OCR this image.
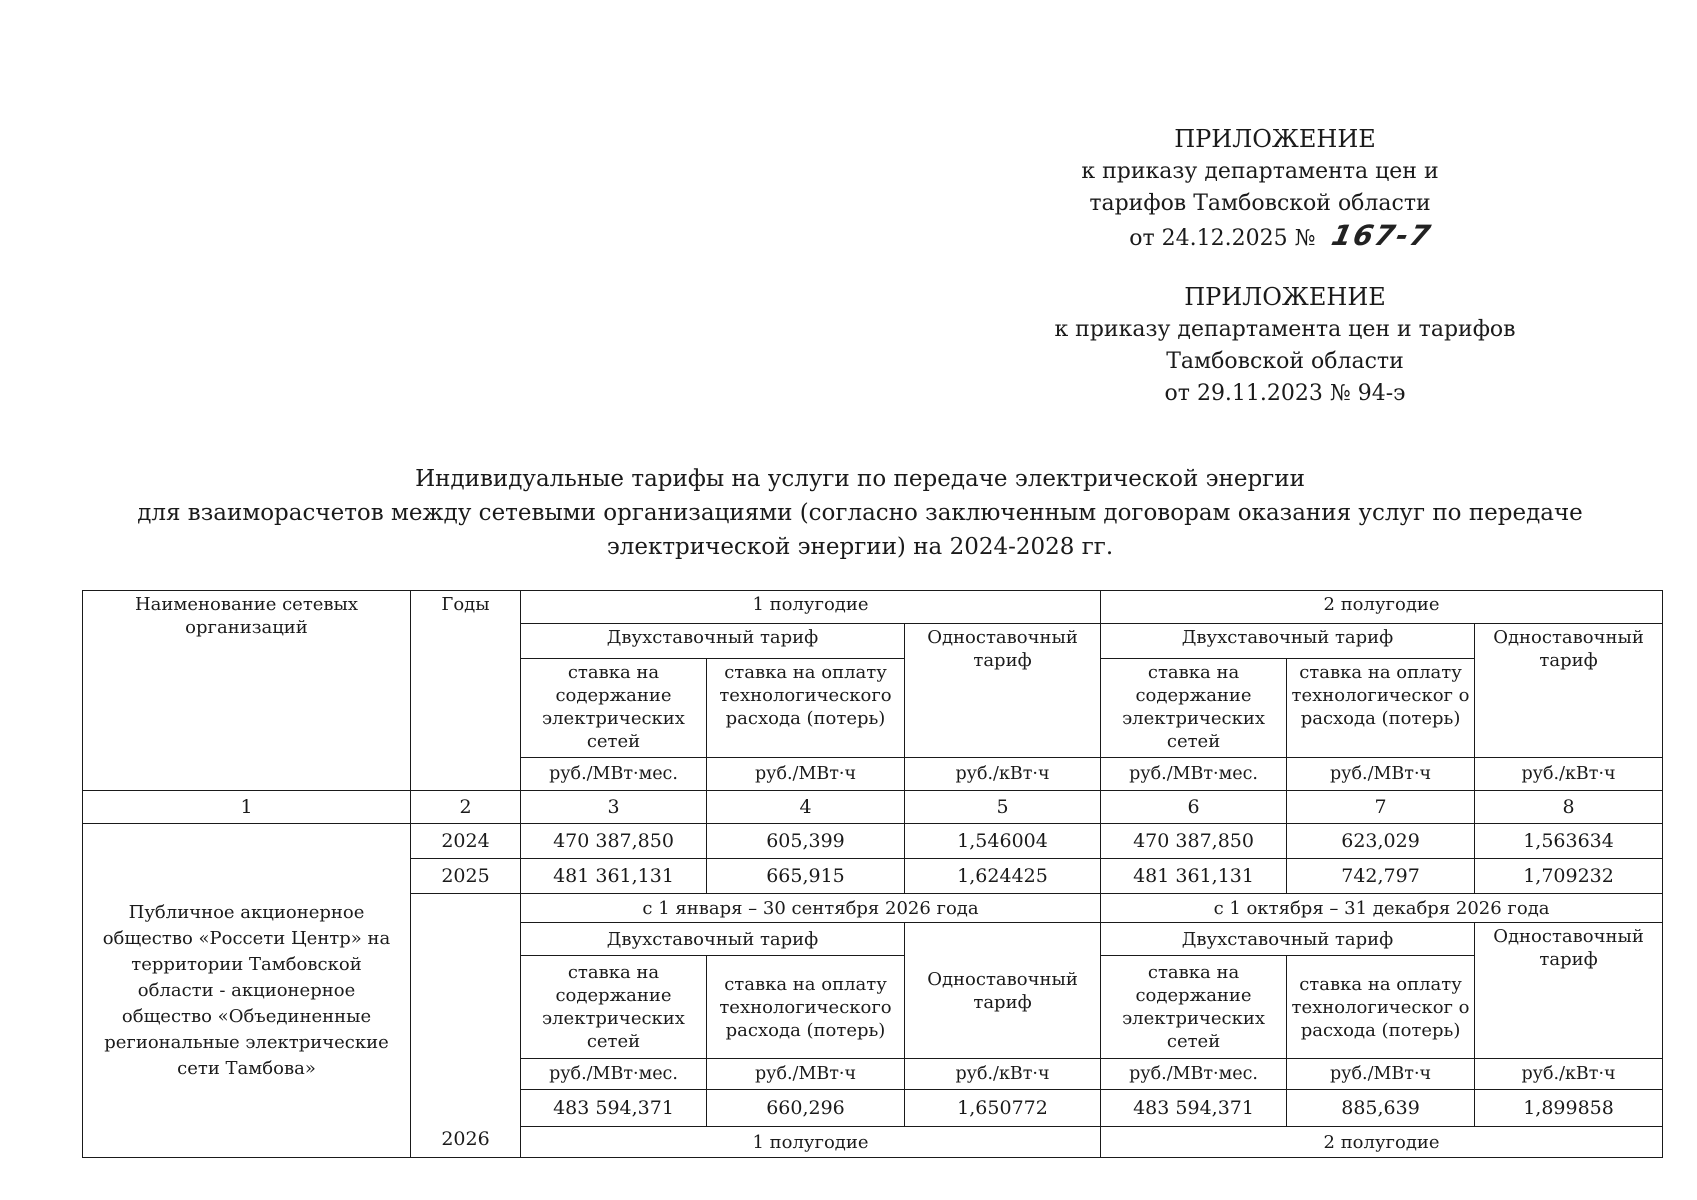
ПРИЛОЖЕНИЕ
к приказу департамента цен и
тарифов Тамбовской области
от 24.12.2025 № 167-7
ПРИЛОЖЕНИЕ
к приказу департамента цен и тарифов
Тамбовской области
от 29.11.2023 № 94-э
Индивидуальные тарифы на услуги по передаче электрической энергии
для взаиморасчетов между сетевыми организациями (согласно заключенным договорам оказания услуг по передаче
электрической энергии) на 2024-2028 гг.
Наименование сетевых организаций	Годы	1 полугодие			2 полугодие		
		Двухставочный тариф		Одноставочный тариф	Двухставочный тариф		Одноставочный тариф
		ставка на содержание электрических сетей	ставка на оплату технологического расхода (потерь)		ставка на содержание электрических сетей	ставка на оплату технологическог о расхода (потерь)	
		руб./МВт·мес.	руб./МВт·ч	руб./кВт·ч	руб./МВт·мес.	руб./МВт·ч	руб./кВт·ч
1	2	3	4	5	6	7	8
Публичное акционерное общество «Россети Центр» на территории Тамбовской области - акционерное общество «Объединенные региональные электрические сети Тамбова»	2024	470 387,850	605,399	1,546004	470 387,850	623,029	1,563634
	2025	481 361,131	665,915	1,624425	481 361,131	742,797	1,709232
	2026	с 1 января – 30 сентября 2026 года			с 1 октября – 31 декабря 2026 года		
		Двухставочный тариф		Одноставочный тариф	Двухставочный тариф		Одноставочный тариф
		ставка на содержание электрических сетей	ставка на оплату технологического расхода (потерь)		ставка на содержание электрических сетей	ставка на оплату технологическог о расхода (потерь)	
		руб./МВт·мес.	руб./МВт·ч	руб./кВт·ч	руб./МВт·мес.	руб./МВт·ч	руб./кВт·ч
		483 594,371	660,296	1,650772	483 594,371	885,639	1,899858
		1 полугодие			2 полугодие		
